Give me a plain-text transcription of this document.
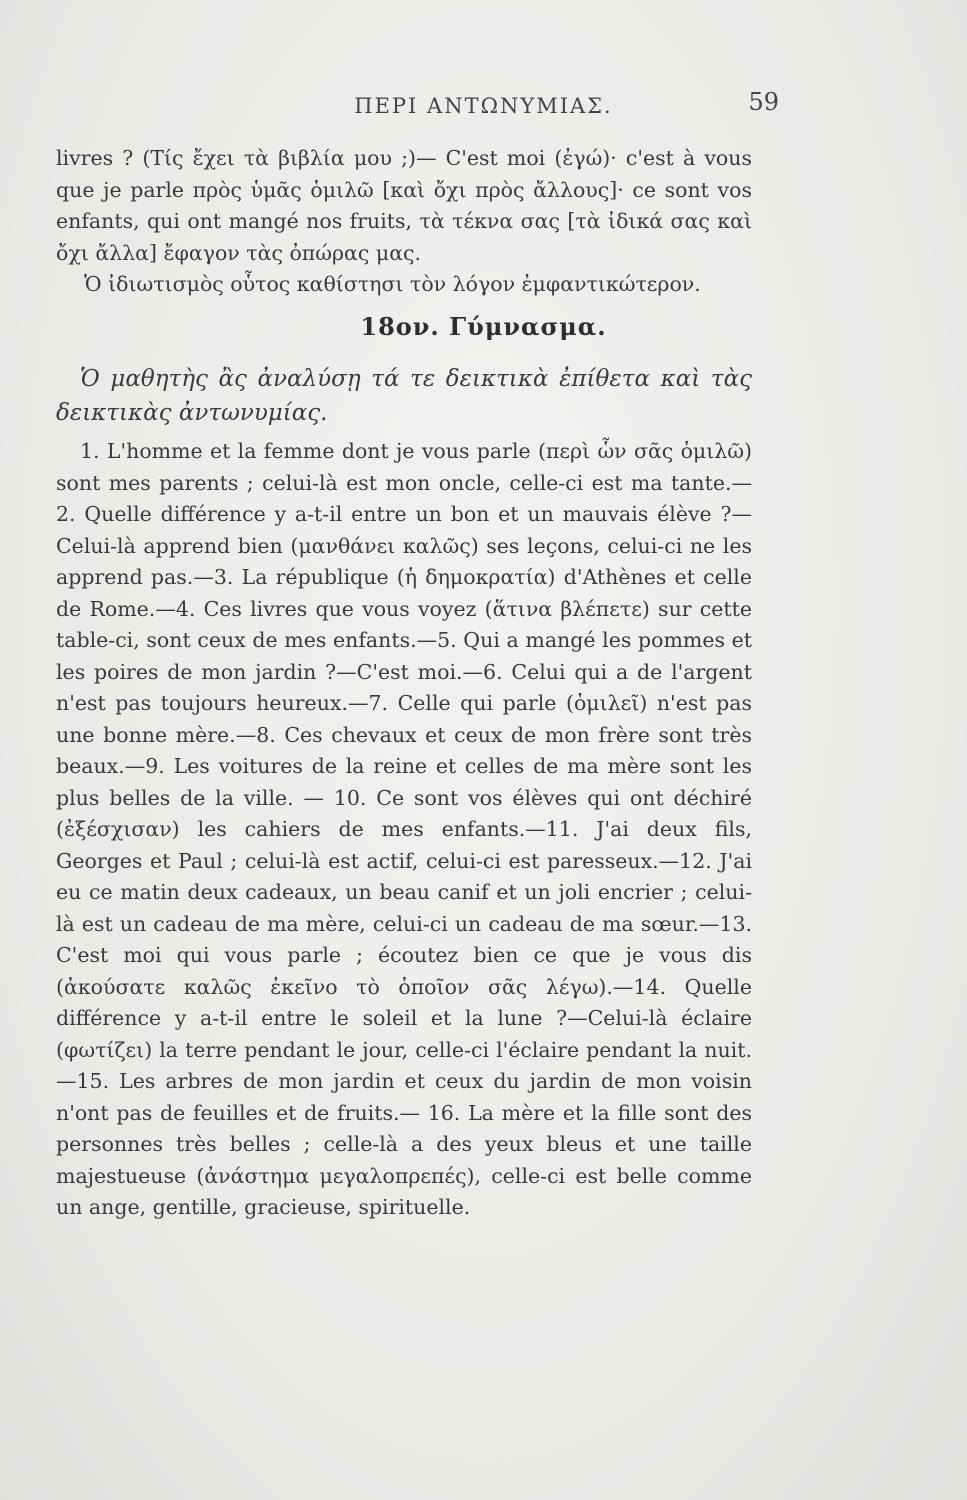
ΠΕΡΙ ΑΝΤΩΝΥΜΙΑΣ.	59

livres ? (Τίς ἔχει τὰ βιβλία μου ;)— C'est moi (ἐγώ)· c'est à vous que je parle πρὸς ὑμᾶς ὁμιλῶ [καὶ ὄχι πρὸς ἄλλους]· ce sont vos enfants, qui ont mangé nos fruits, τὰ τέκνα σας [τὰ ἰδικά σας καὶ ὄχι ἄλλα] ἔφαγον τὰς ὀπώρας μας.

Ὁ ἰδιωτισμὸς οὗτος καθίστησι τὸν λόγον ἐμφαντικώτερον.

18ον. Γύμνασμα.
Ὁ μαθητὴς ἂς ἀναλύσῃ τά τε δεικτικὰ ἐπίθετα καὶ τὰς δεικτικὰς ἀντωνυμίας.

1. L'homme et la femme dont je vous parle (περὶ ὧν σᾶς ὁμιλῶ) sont mes parents ; celui-là est mon oncle, celle-ci est ma tante.— 2. Quelle différence y a-t-il entre un bon et un mauvais élève ?— Celui-là apprend bien (μανθάνει καλῶς) ses leçons, celui-ci ne les apprend pas.—3. La république (ἡ δημοκρατία) d'Athènes et celle de Rome.—4. Ces livres que vous voyez (ἅτινα βλέπετε) sur cette table-ci, sont ceux de mes enfants.—5. Qui a mangé les pommes et les poires de mon jardin ?—C'est moi.—6. Celui qui a de l'argent n'est pas toujours heureux.—7. Celle qui parle (ὁμιλεῖ) n'est pas une bonne mère.—8. Ces chevaux et ceux de mon frère sont très beaux.—9. Les voitures de la reine et celles de ma mère sont les plus belles de la ville. — 10. Ce sont vos élèves qui ont déchiré (ἐξέσχισαν) les cahiers de mes enfants.—11. J'ai deux fils, Georges et Paul ; celui-là est actif, celui-ci est paresseux.—12. J'ai eu ce matin deux cadeaux, un beau canif et un joli encrier ; celui-là est un cadeau de ma mère, celui-ci un cadeau de ma sœur.—13. C'est moi qui vous parle ; écoutez bien ce que je vous dis (ἀκούσατε καλῶς ἐκεῖνο τὸ ὁποῖον σᾶς λέγω).—14. Quelle différence y a-t-il entre le soleil et la lune ?—Celui-là éclaire (φωτίζει) la terre pendant le jour, celle-ci l'éclaire pendant la nuit.—15. Les arbres de mon jardin et ceux du jardin de mon voisin n'ont pas de feuilles et de fruits.— 16. La mère et la fille sont des personnes très belles ; celle-là a des yeux bleus et une taille majestueuse (ἀνάστημα μεγαλοπρεπές), celle-ci est belle comme un ange, gentille, gracieuse, spirituelle.
